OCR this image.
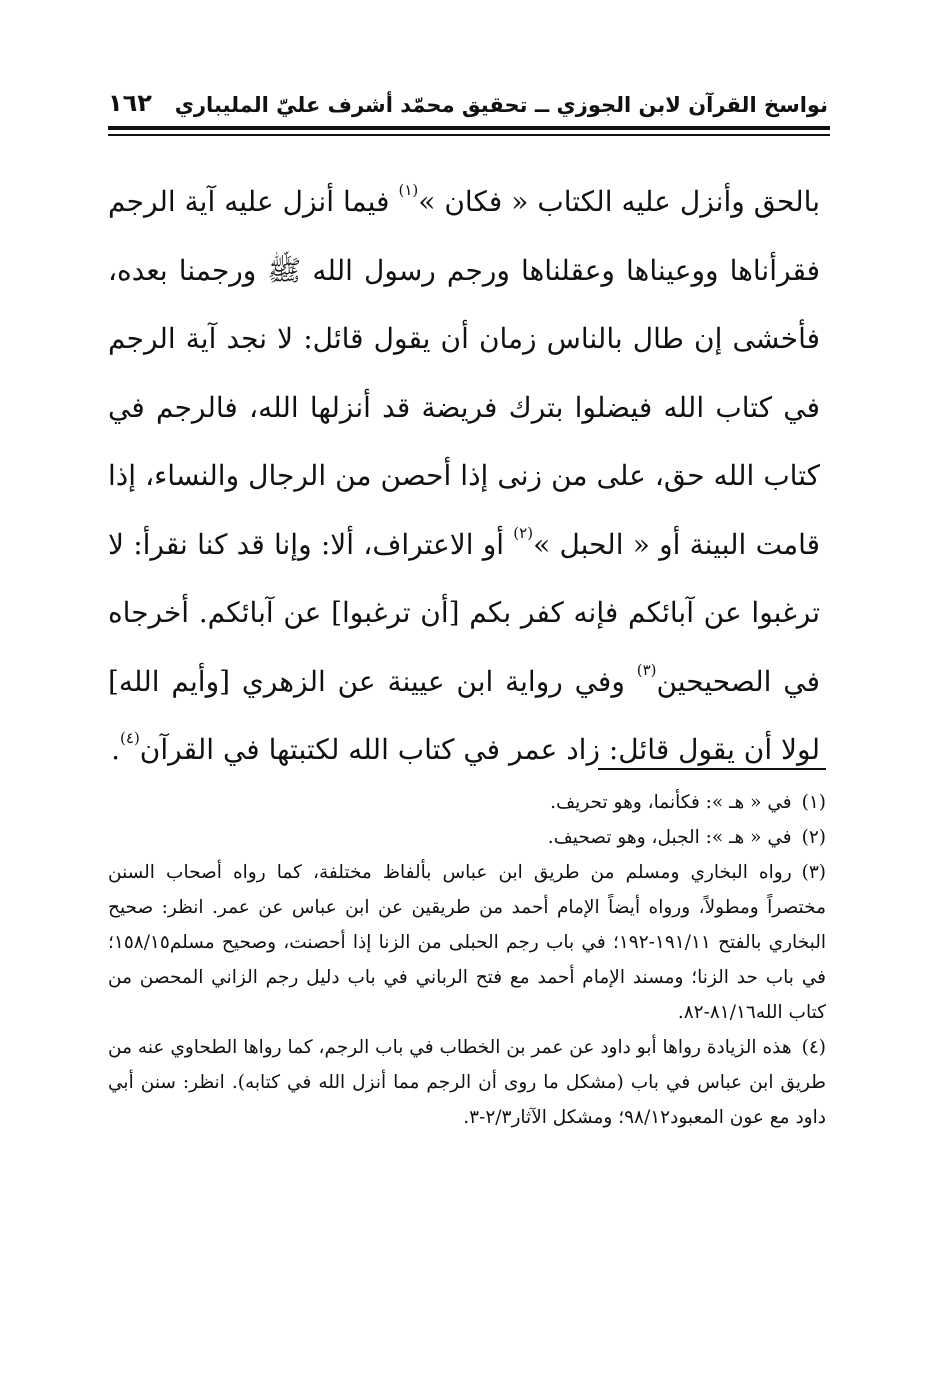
نواسخ القرآن لابن الجوزي ــ تحقيق محمّد أشرف عليّ المليباري
١٦٢

بالحق وأنزل عليه الكتاب « فكان »$^{(١)}$ فيما أنزل عليه آية الرجم فقرأناها ووعيناها وعقلناها ورجم رسول الله ﷺ ورجمنا بعده، فأخشى إن طال بالناس زمان أن يقول قائل: لا نجد آية الرجم في كتاب الله فيضلوا بترك فريضة قد أنزلها الله، فالرجم في كتاب الله حق، على من زنى إذا أحصن من الرجال والنساء، إذا قامت البينة أو « الحبل »$^{(٢)}$ أو الاعتراف، ألا: وإنا قد كنا نقرأ: لا ترغبوا عن آبائكم فإنه كفر بكم [أن ترغبوا] عن آبائكم. أخرجاه في الصحيحين$^{(٣)}$ وفي رواية ابن عيينة عن الزهري [وأيم الله] لولا أن يقول قائل: زاد عمر في كتاب الله لكتبتها في القرآن$^{(٤)}$.

(١)في « هـ »: فكأنما، وهو تحريف.

(٢)في « هـ »: الجبل، وهو تصحيف.

(٣)رواه البخاري ومسلم من طريق ابن عباس بألفاظ مختلفة، كما رواه أصحاب السنن مختصراً ومطولاً، ورواه أيضاً الإمام أحمد من طريقين عن ابن عباس عن عمر. انظر: صحيح البخاري بالفتح ١٩١/١١-١٩٢؛ في باب رجم الحبلى من الزنا إذا أحصنت، وصحيح مسلم١٥٨/١٥؛ في باب حد الزنا؛ ومسند الإمام أحمد مع فتح الرباني في باب دليل رجم الزاني المحصن من كتاب الله٨١/١٦-٨٢.

(٤)هذه الزيادة رواها أبو داود عن عمر بن الخطاب في باب الرجم، كما رواها الطحاوي عنه من طريق ابن عباس في باب (مشكل ما روى أن الرجم مما أنزل الله في كتابه). انظر: سنن أبي داود مع عون المعبود٩٨/١٢؛ ومشكل الآثار٢/٣-٣.
